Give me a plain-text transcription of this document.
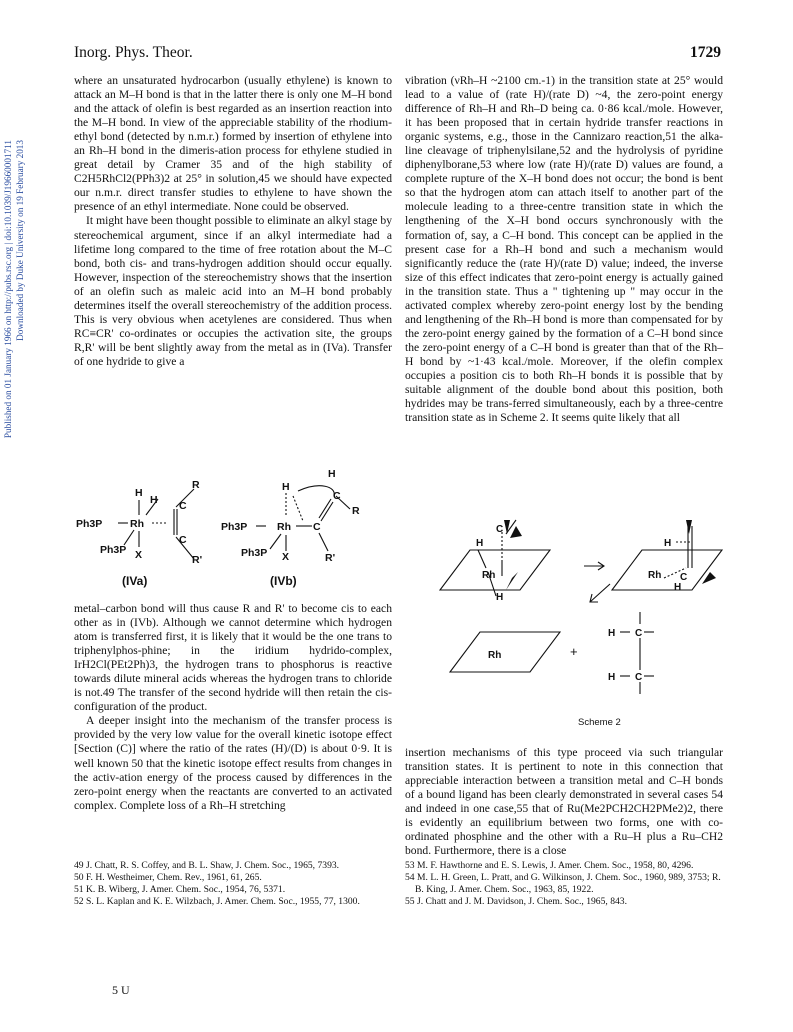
Inorg. Phys. Theor.	1729
Published on 01 January 1966 on http://pubs.rsc.org | doi:10.1039/J19660001711 Downloaded by Duke University on 19 February 2013

where an unsaturated hydrocarbon (usually ethylene) is known to attack an M–H bond is that in the latter there is only one M–H bond and the attack of olefin is best regarded as an insertion reaction into the M–H bond. In view of the appreciable stability of the rhodium-ethyl bond (detected by n.m.r.) formed by insertion of ethylene into an Rh–H bond in the dimeris-ation process for ethylene studied in great detail by Cramer 35 and of the high stability of C2H5RhCl2(PPh3)2 at 25° in solution,45 we should have expected our n.m.r. direct transfer studies to ethylene to have shown the presence of an ethyl intermediate. None could be observed.

It might have been thought possible to eliminate an alkyl stage by stereochemical argument, since if an alkyl intermediate had a lifetime long compared to the time of free rotation about the M–C bond, both cis- and trans-hydrogen addition should occur equally. However, inspection of the stereochemistry shows that the insertion of an olefin such as maleic acid into an M–H bond probably determines itself the overall stereochemistry of the addition process. This is very obvious when acetylenes are considered. Thus when RC≡CR' co-ordinates or occupies the activation site, the groups R,R' will be bent slightly away from the metal as in (IVa). Transfer of one hydride to give a

H
H
R
Ph3P	Rh
C
C
Ph3P X	R'
H
H
Ph3P	Rh C
C
R
Ph3P X	R'
(IVa)	(IVb)

metal–carbon bond will thus cause R and R' to become cis to each other as in (IVb). Although we cannot determine which hydrogen atom is transferred first, it is likely that it would be the one trans to triphenylphos-phine; in the iridium hydrido-complex, IrH2Cl(PEt2Ph)3, the hydrogen trans to phosphorus is reactive towards dilute mineral acids whereas the hydrogen trans to chloride is not.49 The transfer of the second hydride will then retain the cis-configuration of the product.

A deeper insight into the mechanism of the transfer process is provided by the very low value for the overall kinetic isotope effect [Section (C)] where the ratio of the rates (H)/(D) is about 0·9. It is well known 50 that the kinetic isotope effect results from changes in the activ-ation energy of the process caused by differences in the zero-point energy when the reactants are converted to an activated complex. Complete loss of a Rh–H stretching

vibration (νRh–H ~2100 cm.-1) in the transition state at 25° would lead to a value of (rate H)/(rate D) ~4, the zero-point energy difference of Rh–H and Rh–D being ca. 0·86 kcal./mole. However, it has been proposed that in certain hydride transfer reactions in organic systems, e.g., those in the Cannizaro reaction,51 the alka-line cleavage of triphenylsilane,52 and the hydrolysis of pyridine diphenylborane,53 where low (rate H)/(rate D) values are found, a complete rupture of the X–H bond does not occur; the bond is bent so that the hydrogen atom can attach itself to another part of the molecule leading to a three-centre transition state in which the lengthening of the X–H bond occurs synchronously with the formation of, say, a C–H bond. This concept can be applied in the present case for a Rh–H bond and such a mechanism would significantly reduce the (rate H)/(rate D) value; indeed, the inverse size of this effect indicates that zero-point energy is actually gained in the transition state. Thus a " tightening up " may occur in the activated complex whereby zero-point energy lost by the bending and lengthening of the Rh–H bond is more than compensated for by the zero-point energy gained by the formation of a C–H bond since the zero-point energy of a C–H bond is greater than that of the Rh–H bond by ~1·43 kcal./mole. Moreover, if the olefin complex occupies a position cis to both Rh–H bonds it is possible that by suitable alignment of the double bond about this position, both hydrides may be trans-ferred simultaneously, each by a three-centre transition state as in Scheme 2. It seems quite likely that all

H
C
Rh
H
H
C
Rh
H
Rh
H C
H C
+
Scheme 2

insertion mechanisms of this type proceed via such triangular transition states. It is pertinent to note in this connection that appreciable interaction between a transition metal and C–H bonds of a bound ligand has been clearly demonstrated in several cases 54 and indeed in one case,55 that of Ru(Me2PCH2CH2PMe2)2, there is evidently an equilibrium between two forms, one with co-ordinated phosphine and the other with a Ru–H plus a Ru–CH2 bond. Furthermore, there is a close

49 J. Chatt, R. S. Coffey, and B. L. Shaw, J. Chem. Soc., 1965, 7393.

50 F. H. Westheimer, Chem. Rev., 1961, 61, 265.

51 K. B. Wiberg, J. Amer. Chem. Soc., 1954, 76, 5371.

52 S. L. Kaplan and K. E. Wilzbach, J. Amer. Chem. Soc., 1955, 77, 1300.

53 M. F. Hawthorne and E. S. Lewis, J. Amer. Chem. Soc., 1958, 80, 4296.

54 M. L. H. Green, L. Pratt, and G. Wilkinson, J. Chem. Soc., 1960, 989, 3753; R. B. King, J. Amer. Chem. Soc., 1963, 85, 1922.

55 J. Chatt and J. M. Davidson, J. Chem. Soc., 1965, 843.

5 U
